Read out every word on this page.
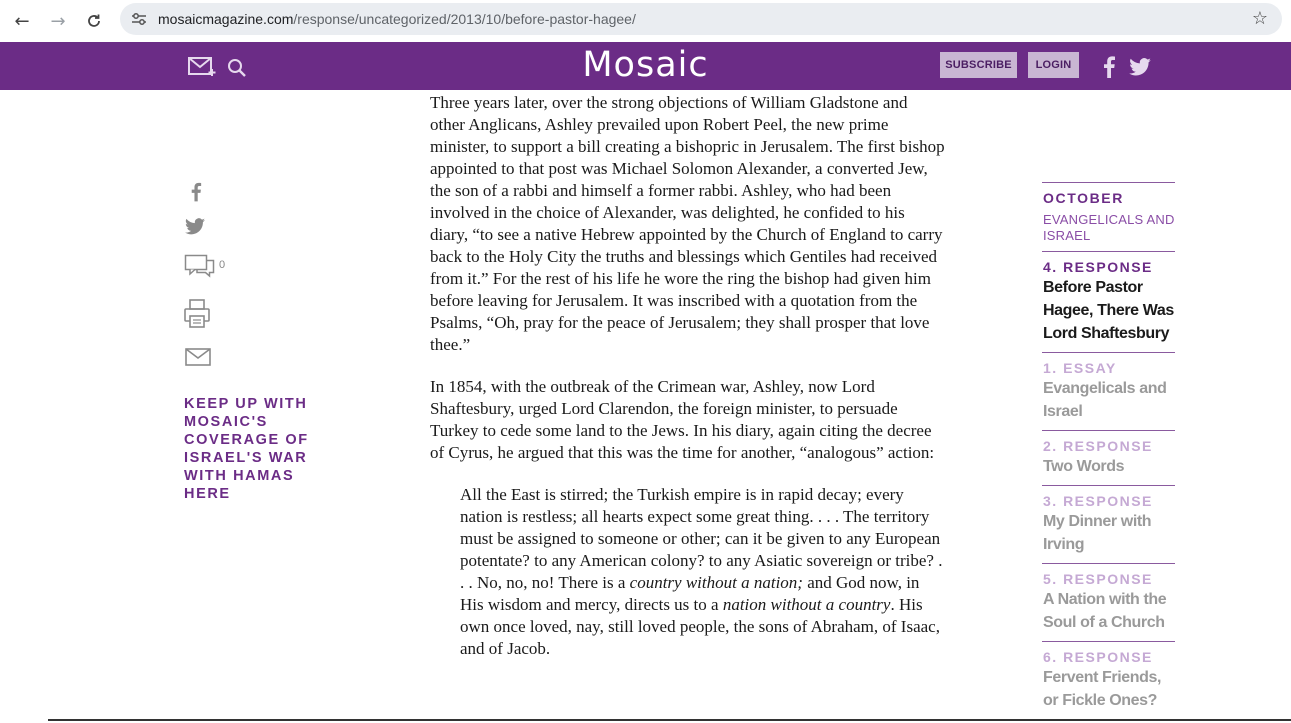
←	→	mosaicmagazine.com/response/uncategorized/2013/10/before-pastor-hagee/	☆
Mosaic	SUBSCRIBE	LOGIN
0
KEEP UP WITH MOSAIC'S COVERAGE OF ISRAEL'S WAR WITH HAMAS HERE

Three years later, over the strong objections of William Gladstone and other Anglicans, Ashley prevailed upon Robert Peel, the new prime minister, to support a bill creating a bishopric in Jerusalem. The first bishop appointed to that post was Michael Solomon Alexander, a converted Jew, the son of a rabbi and himself a former rabbi. Ashley, who had been involved in the choice of Alexander, was delighted, he confided to his diary, “to see a native Hebrew appointed by the Church of England to carry back to the Holy City the truths and blessings which Gentiles had received from it.” For the rest of his life he wore the ring the bishop had given him before leaving for Jerusalem. It was inscribed with a quotation from the Psalms, “Oh, pray for the peace of Jerusalem; they shall prosper that love thee.”

In 1854, with the outbreak of the Crimean war, Ashley, now Lord Shaftesbury, urged Lord Clarendon, the foreign minister, to persuade Turkey to cede some land to the Jews. In his diary, again citing the decree of Cyrus, he argued that this was the time for another, “analogous” action:

All the East is stirred; the Turkish empire is in rapid decay; every nation is restless; all hearts expect some great thing. . . . The territory must be assigned to someone or other; can it be given to any European potentate? to any American colony? to any Asiatic sovereign or tribe? . . . No, no, no! There is a country without a nation; and God now, in His wisdom and mercy, directs us to a nation without a country. His own once loved, nay, still loved people, the sons of Abraham, of Isaac, and of Jacob.
OCTOBER
EVANGELICALS AND ISRAEL
4. RESPONSE
Before Pastor Hagee, There Was Lord Shaftesbury
1. ESSAY
Evangelicals and Israel
2. RESPONSE
Two Words
3. RESPONSE
My Dinner with Irving
5. RESPONSE
A Nation with the Soul of a Church
6. RESPONSE
Fervent Friends, or Fickle Ones?
